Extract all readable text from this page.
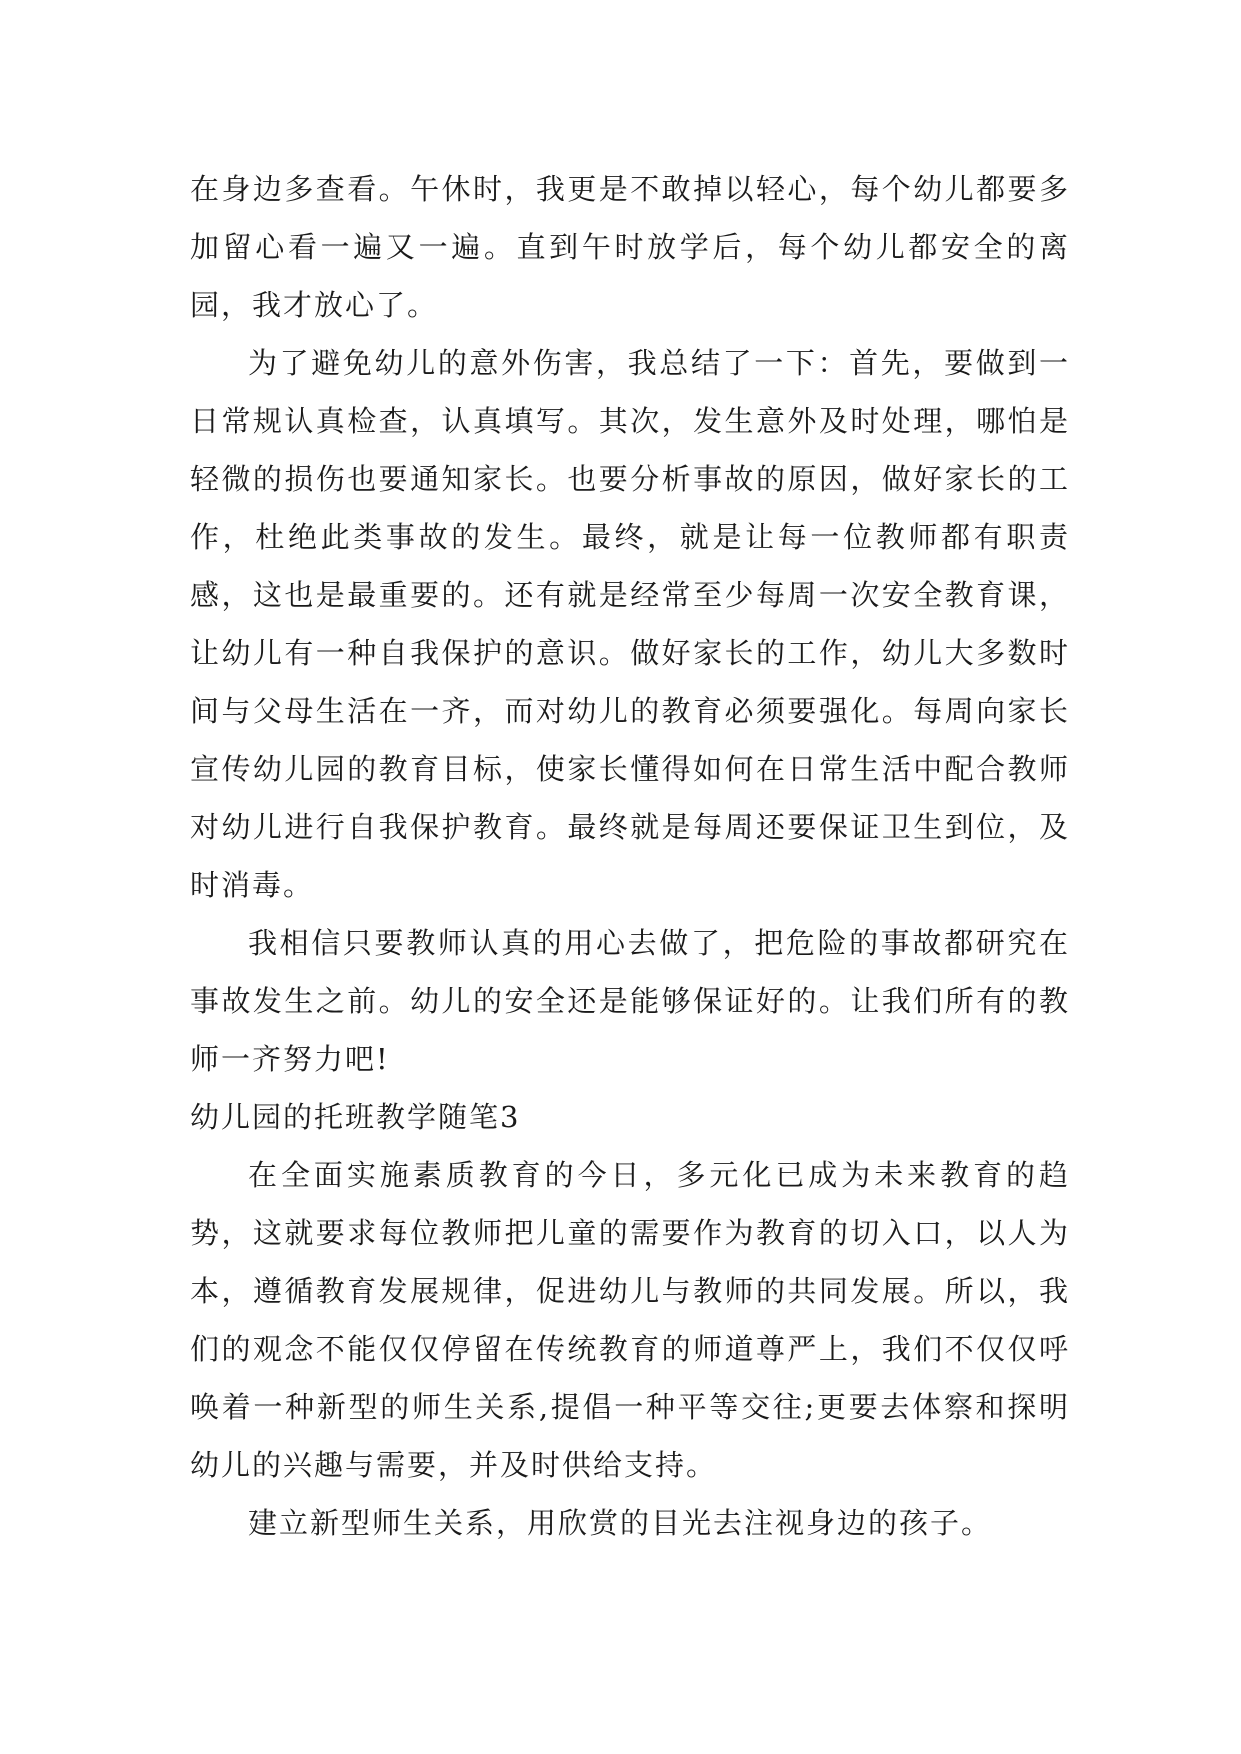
在身边多查看。午休时，我更是不敢掉以轻心，每个幼儿都要多加留心看一遍又一遍。直到午时放学后，每个幼儿都安全的离园，我才放心了。

为了避免幼儿的意外伤害，我总结了一下：首先，要做到一日常规认真检查，认真填写。其次，发生意外及时处理，哪怕是轻微的损伤也要通知家长。也要分析事故的原因，做好家长的工作，杜绝此类事故的发生。最终，就是让每一位教师都有职责感，这也是最重要的。还有就是经常至少每周一次安全教育课，让幼儿有一种自我保护的意识。做好家长的工作，幼儿大多数时间与父母生活在一齐，而对幼儿的教育必须要强化。每周向家长宣传幼儿园的教育目标，使家长懂得如何在日常生活中配合教师对幼儿进行自我保护教育。最终就是每周还要保证卫生到位，及时消毒。

我相信只要教师认真的用心去做了，把危险的事故都研究在事故发生之前。幼儿的安全还是能够保证好的。让我们所有的教师一齐努力吧!

幼儿园的托班教学随笔3

在全面实施素质教育的今日，多元化已成为未来教育的趋势，这就要求每位教师把儿童的需要作为教育的切入口，以人为本，遵循教育发展规律，促进幼儿与教师的共同发展。所以，我们的观念不能仅仅停留在传统教育的师道尊严上，我们不仅仅呼唤着一种新型的师生关系,提倡一种平等交往;更要去体察和探明幼儿的兴趣与需要，并及时供给支持。

建立新型师生关系，用欣赏的目光去注视身边的孩子。
